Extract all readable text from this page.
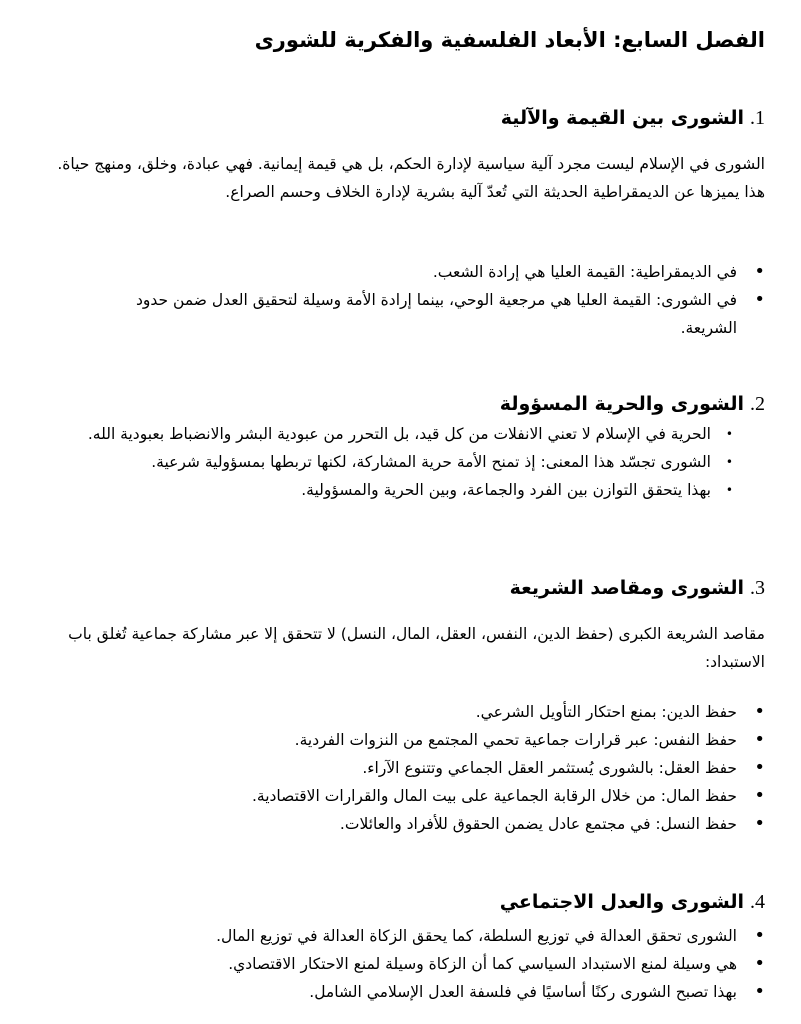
الفصل السابع: الأبعاد الفلسفية والفكرية للشورى
1.الشورى بين القيمة والآلية

الشورى في الإسلام ليست مجرد آلية سياسية لإدارة الحكم، بل هي قيمة إيمانية. فهي عبادة، وخلق، ومنهج حياة. هذا يميزها عن الديمقراطية الحديثة التي تُعدّ آلية بشرية لإدارة الخلاف وحسم الصراع.

• في الديمقراطية: القيمة العليا هي إرادة الشعب.
• في الشورى: القيمة العليا هي مرجعية الوحي، بينما إرادة الأمة وسيلة لتحقيق العدل ضمن حدود الشريعة.
2.الشورى والحرية المسؤولة
• الحرية في الإسلام لا تعني الانفلات من كل قيد، بل التحرر من عبودية البشر والانضباط بعبودية الله.
• الشورى تجسّد هذا المعنى: إذ تمنح الأمة حرية المشاركة، لكنها تربطها بمسؤولية شرعية.
• بهذا يتحقق التوازن بين الفرد والجماعة، وبين الحرية والمسؤولية.
3.الشورى ومقاصد الشريعة

مقاصد الشريعة الكبرى (حفظ الدين، النفس، العقل، المال، النسل) لا تتحقق إلا عبر مشاركة جماعية تُغلق باب الاستبداد:

• حفظ الدين: بمنع احتكار التأويل الشرعي.
• حفظ النفس: عبر قرارات جماعية تحمي المجتمع من النزوات الفردية.
• حفظ العقل: بالشورى يُستثمر العقل الجماعي وتتنوع الآراء.
• حفظ المال: من خلال الرقابة الجماعية على بيت المال والقرارات الاقتصادية.
• حفظ النسل: في مجتمع عادل يضمن الحقوق للأفراد والعائلات.
4.الشورى والعدل الاجتماعي
• الشورى تحقق العدالة في توزيع السلطة، كما يحقق الزكاة العدالة في توزيع المال.
• هي وسيلة لمنع الاستبداد السياسي كما أن الزكاة وسيلة لمنع الاحتكار الاقتصادي.
• بهذا تصبح الشورى ركنًا أساسيًا في فلسفة العدل الإسلامي الشامل.
